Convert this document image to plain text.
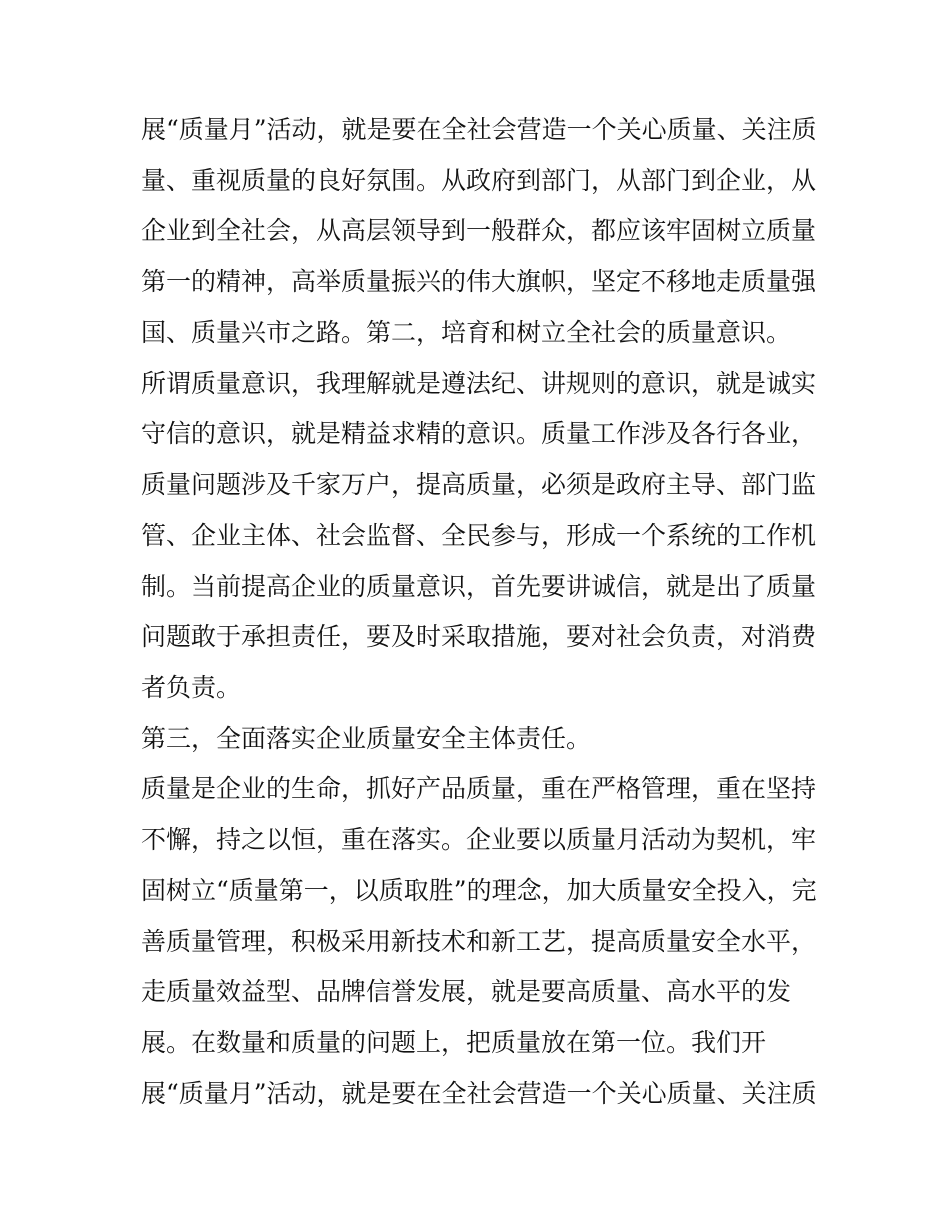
展“质量月”活动，就是要在全社会营造一个关心质量、关注质
量、重视质量的良好氛围。从政府到部门，从部门到企业，从
企业到全社会，从高层领导到一般群众，都应该牢固树立质量
第一的精神，高举质量振兴的伟大旗帜，坚定不移地走质量强
国、质量兴市之路。第二，培育和树立全社会的质量意识。
所谓质量意识，我理解就是遵法纪、讲规则的意识，就是诚实
守信的意识，就是精益求精的意识。质量工作涉及各行各业，
质量问题涉及千家万户，提高质量，必须是政府主导、部门监
管、企业主体、社会监督、全民参与，形成一个系统的工作机
制。当前提高企业的质量意识，首先要讲诚信，就是出了质量
问题敢于承担责任，要及时采取措施，要对社会负责，对消费
者负责。
第三，全面落实企业质量安全主体责任。
质量是企业的生命，抓好产品质量，重在严格管理，重在坚持
不懈，持之以恒，重在落实。企业要以质量月活动为契机，牢
固树立“质量第一，以质取胜”的理念，加大质量安全投入，完
善质量管理，积极采用新技术和新工艺，提高质量安全水平，
走质量效益型、品牌信誉发展，就是要高质量、高水平的发
展。在数量和质量的问题上，把质量放在第一位。我们开
展“质量月”活动，就是要在全社会营造一个关心质量、关注质
